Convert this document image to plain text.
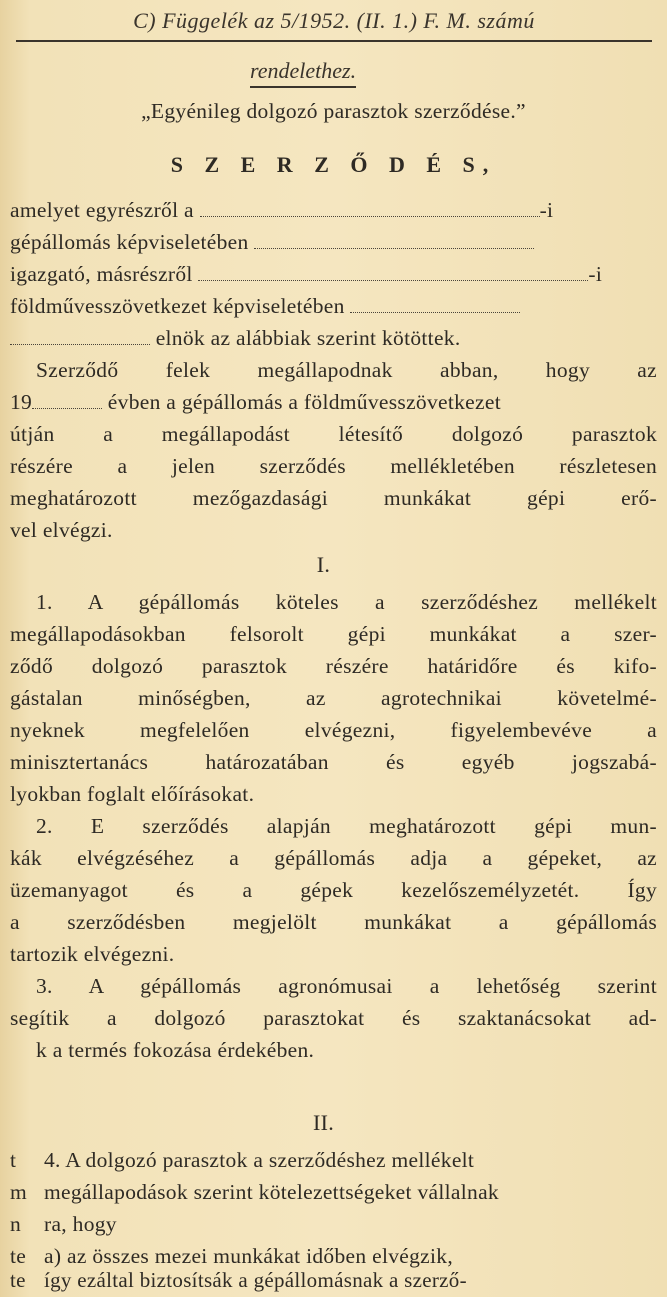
C) Függelék az 5/1952. (II. 1.) F. M. számú
rendelethez.
„Egyénileg dolgozó parasztok szerződése.”
S Z E R Z Ő D É S,
amelyet egyrészről a	-i
gépállomás képviseletében
igazgató, másrészről	-i
földművesszövetkezet képviseletében
elnök az alábbiak szerint kötöttek.
Szerződő felek megállapodnak abban, hogy az
19	évben a gépállomás a földművesszövetkezet
útján a megállapodást létesítő dolgozó parasztok
részére a jelen szerződés mellékletében részletesen
meghatározott mezőgazdasági munkákat gépi erő-
vel elvégzi.
I.
1. A gépállomás köteles a szerződéshez mellékelt
megállapodásokban felsorolt gépi munkákat a szer-
ződő dolgozó parasztok részére határidőre és kifo-
gástalan minőségben, az agrotechnikai követelmé-
nyeknek megfelelően elvégezni, figyelembevéve a
minisztertanács határozatában és egyéb jogszabá-
lyokban foglalt előírásokat.
2. E szerződés alapján meghatározott gépi mun-
kák elvégzéséhez a gépállomás adja a gépeket, az
üzemanyagot és a gépek kezelőszemélyzetét. Így
a szerződésben megjelölt munkákat a gépállomás
tartozik elvégezni.
3. A gépállomás agronómusai a lehetőség szerint
segítik a dolgozó parasztokat és szaktanácsokat ad-
k a termés fokozása érdekében.
II.
t 4. A dolgozó parasztok a szerződéshez mellékelt
m megállapodások szerint kötelezettségeket vállalnak
n ra, hogy
te a) az összes mezei munkákat időben elvégzik,
te így ezáltal biztosítsák a gépállomásnak a szerző-
